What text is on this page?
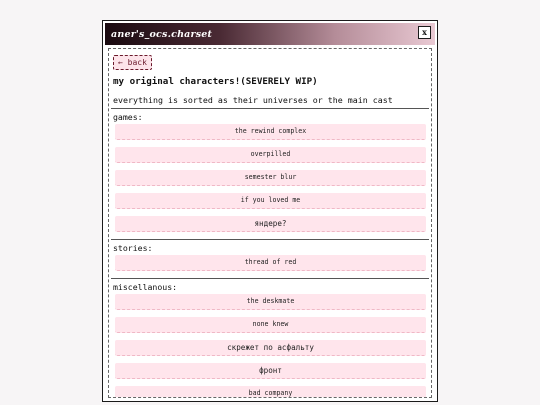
aner's_ocs.charset	x
← back
my original characters!(SEVERELY WIP)
everything is sorted as their universes or the main cast
games:
the rewind complex
overpilled
semester blur
if you loved me
яндере?
stories:
thread of red
miscellanous:
the deskmate
none knew
скрежет по асфальту
фронт
bad company
